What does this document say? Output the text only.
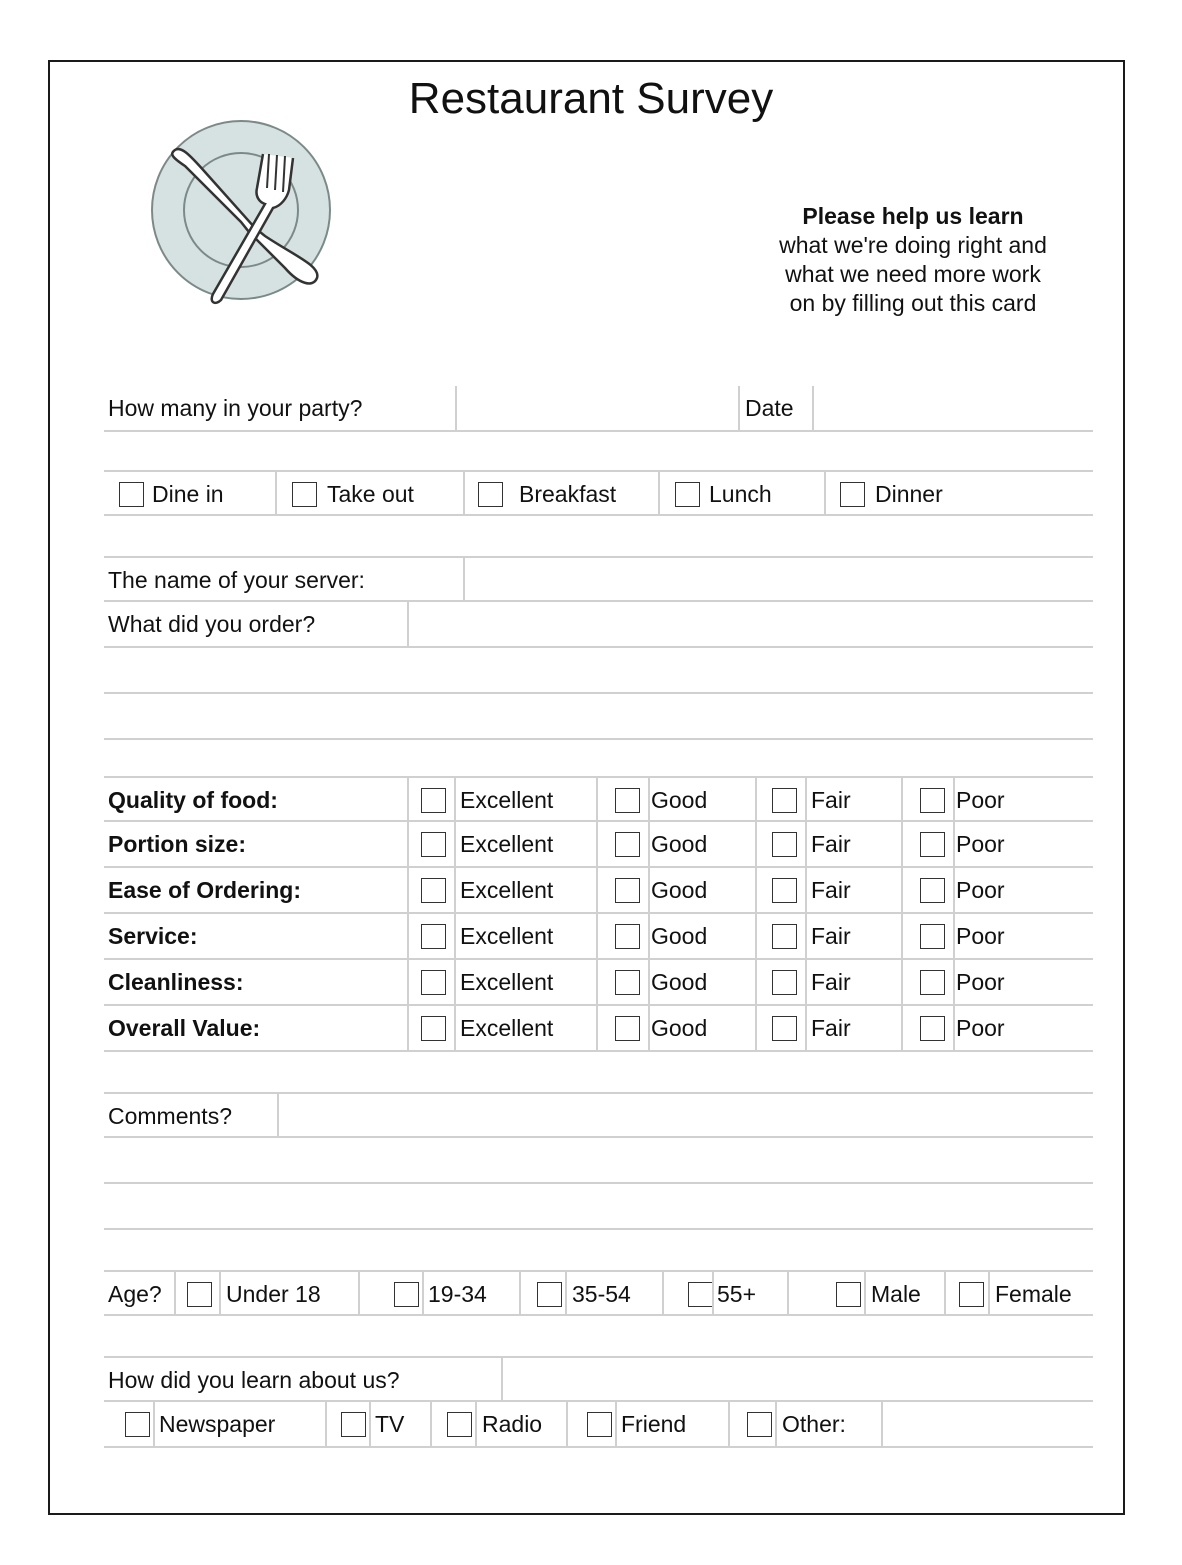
Restaurant Survey
Please help us learn
what we're doing right and
what we need more work
on by filling out this card
How many in your party?	Date
Dine in	Take out	Breakfast	Lunch	Dinner
The name of your server:
What did you order?
Quality of food:	Excellent	Good	Fair	Poor
Portion size:	Excellent	Good	Fair	Poor
Ease of Ordering:	Excellent	Good	Fair	Poor
Service:	Excellent	Good	Fair	Poor
Cleanliness:	Excellent	Good	Fair	Poor
Overall Value:	Excellent	Good	Fair	Poor
Comments?
Age?	Under 18	19-34	35-54	55+	Male	Female
How did you learn about us?
Newspaper	TV	Radio	Friend	Other:
